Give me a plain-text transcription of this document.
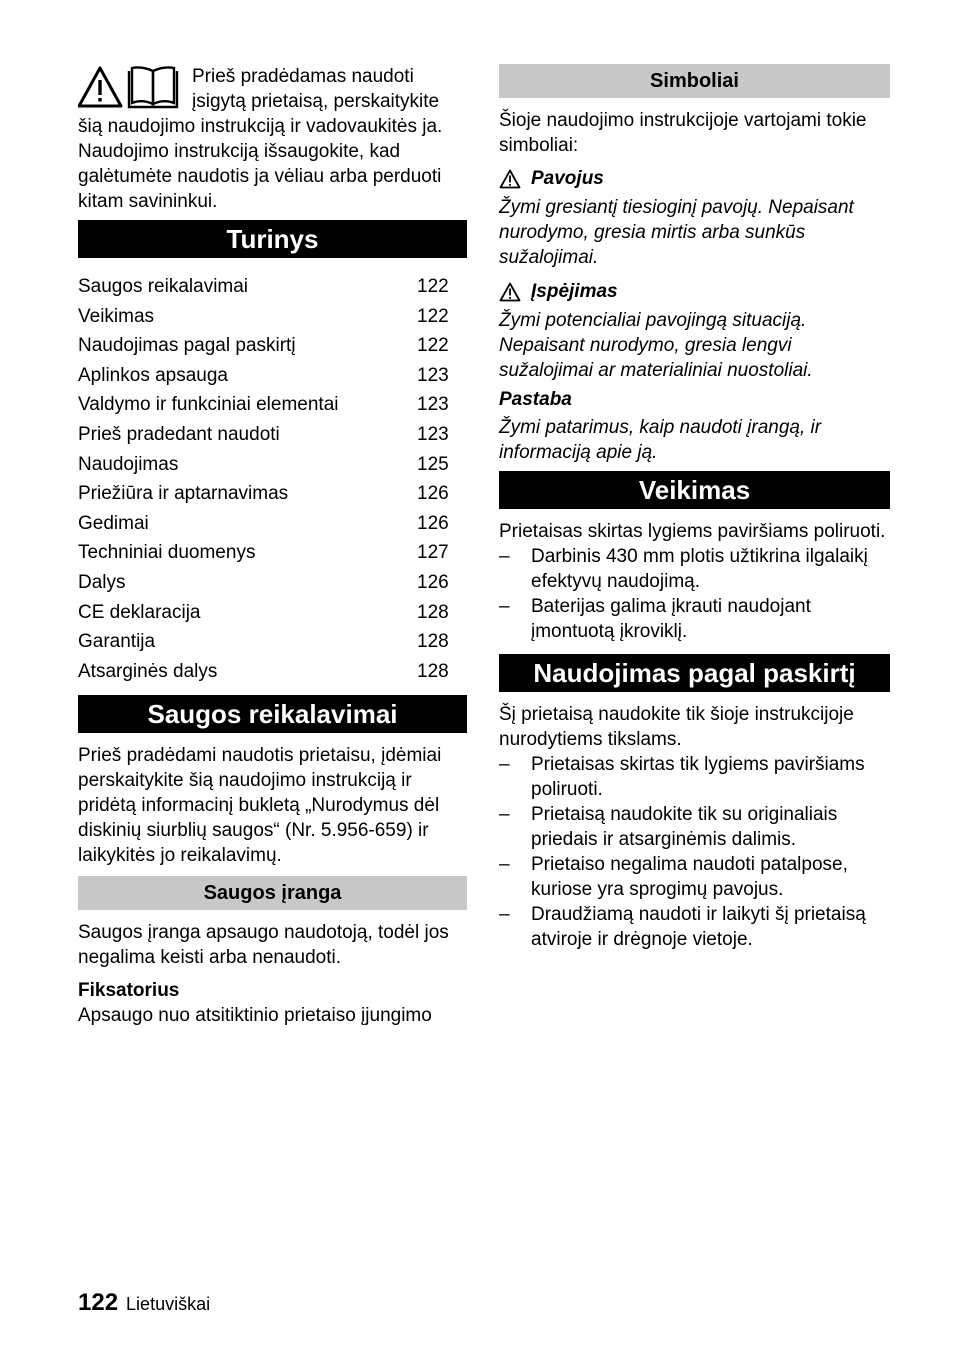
Prieš pradėdamas naudoti įsigytą prietaisą, perskaitykite šią naudojimo instrukciją ir vadovaukitės ja. Naudojimo instrukciją išsaugokite, kad galėtumėte naudotis ja vėliau arba perduoti kitam savininkui.

Turinys
Saugos reikalavimai	122
Veikimas	122
Naudojimas pagal paskirtį	122
Aplinkos apsauga	123
Valdymo ir funkciniai elementai	123
Prieš pradedant naudoti	123
Naudojimas	125
Priežiūra ir aptarnavimas	126
Gedimai	126
Techniniai duomenys	127
Dalys	126
CE deklaracija	128
Garantija	128
Atsarginės dalys	128
Saugos reikalavimai

Prieš pradėdami naudotis prietaisu, įdėmiai perskaitykite šią naudojimo instrukciją ir pridėtą informacinį bukletą „Nurodymus dėl diskinių siurblių saugos“ (Nr. 5.956-659) ir laikykitės jo reikalavimų.

Saugos įranga

Saugos įranga apsaugo naudotoją, todėl jos negalima keisti arba nenaudoti.

Fiksatorius

Apsaugo nuo atsitiktinio prietaiso įjungimo

Simboliai

Šioje naudojimo instrukcijoje vartojami tokie simboliai:

Pavojus

Žymi gresiantį tiesioginį pavojų. Nepaisant nurodymo, gresia mirtis arba sunkūs sužalojimai.

Įspėjimas

Žymi potencialiai pavojingą situaciją. Nepaisant nurodymo, gresia lengvi sužalojimai ar materialiniai nuostoliai.

Pastaba

Žymi patarimus, kaip naudoti įrangą, ir informaciją apie ją.

Veikimas

Prietaisas skirtas lygiems paviršiams poliruoti.

– Darbinis 430 mm plotis užtikrina ilgalaikį efektyvų naudojimą.
– Baterijas galima įkrauti naudojant įmontuotą įkroviklį.
Naudojimas pagal paskirtį

Šį prietaisą naudokite tik šioje instrukcijoje nurodytiems tikslams.

– Prietaisas skirtas tik lygiems paviršiams poliruoti.
– Prietaisą naudokite tik su originaliais priedais ir atsarginėmis dalimis.
– Prietaiso negalima naudoti patalpose, kuriose yra sprogimų pavojus.
– Draudžiamą naudoti ir laikyti šį prietaisą atviroje ir drėgnoje vietoje.
122 Lietuviškai
